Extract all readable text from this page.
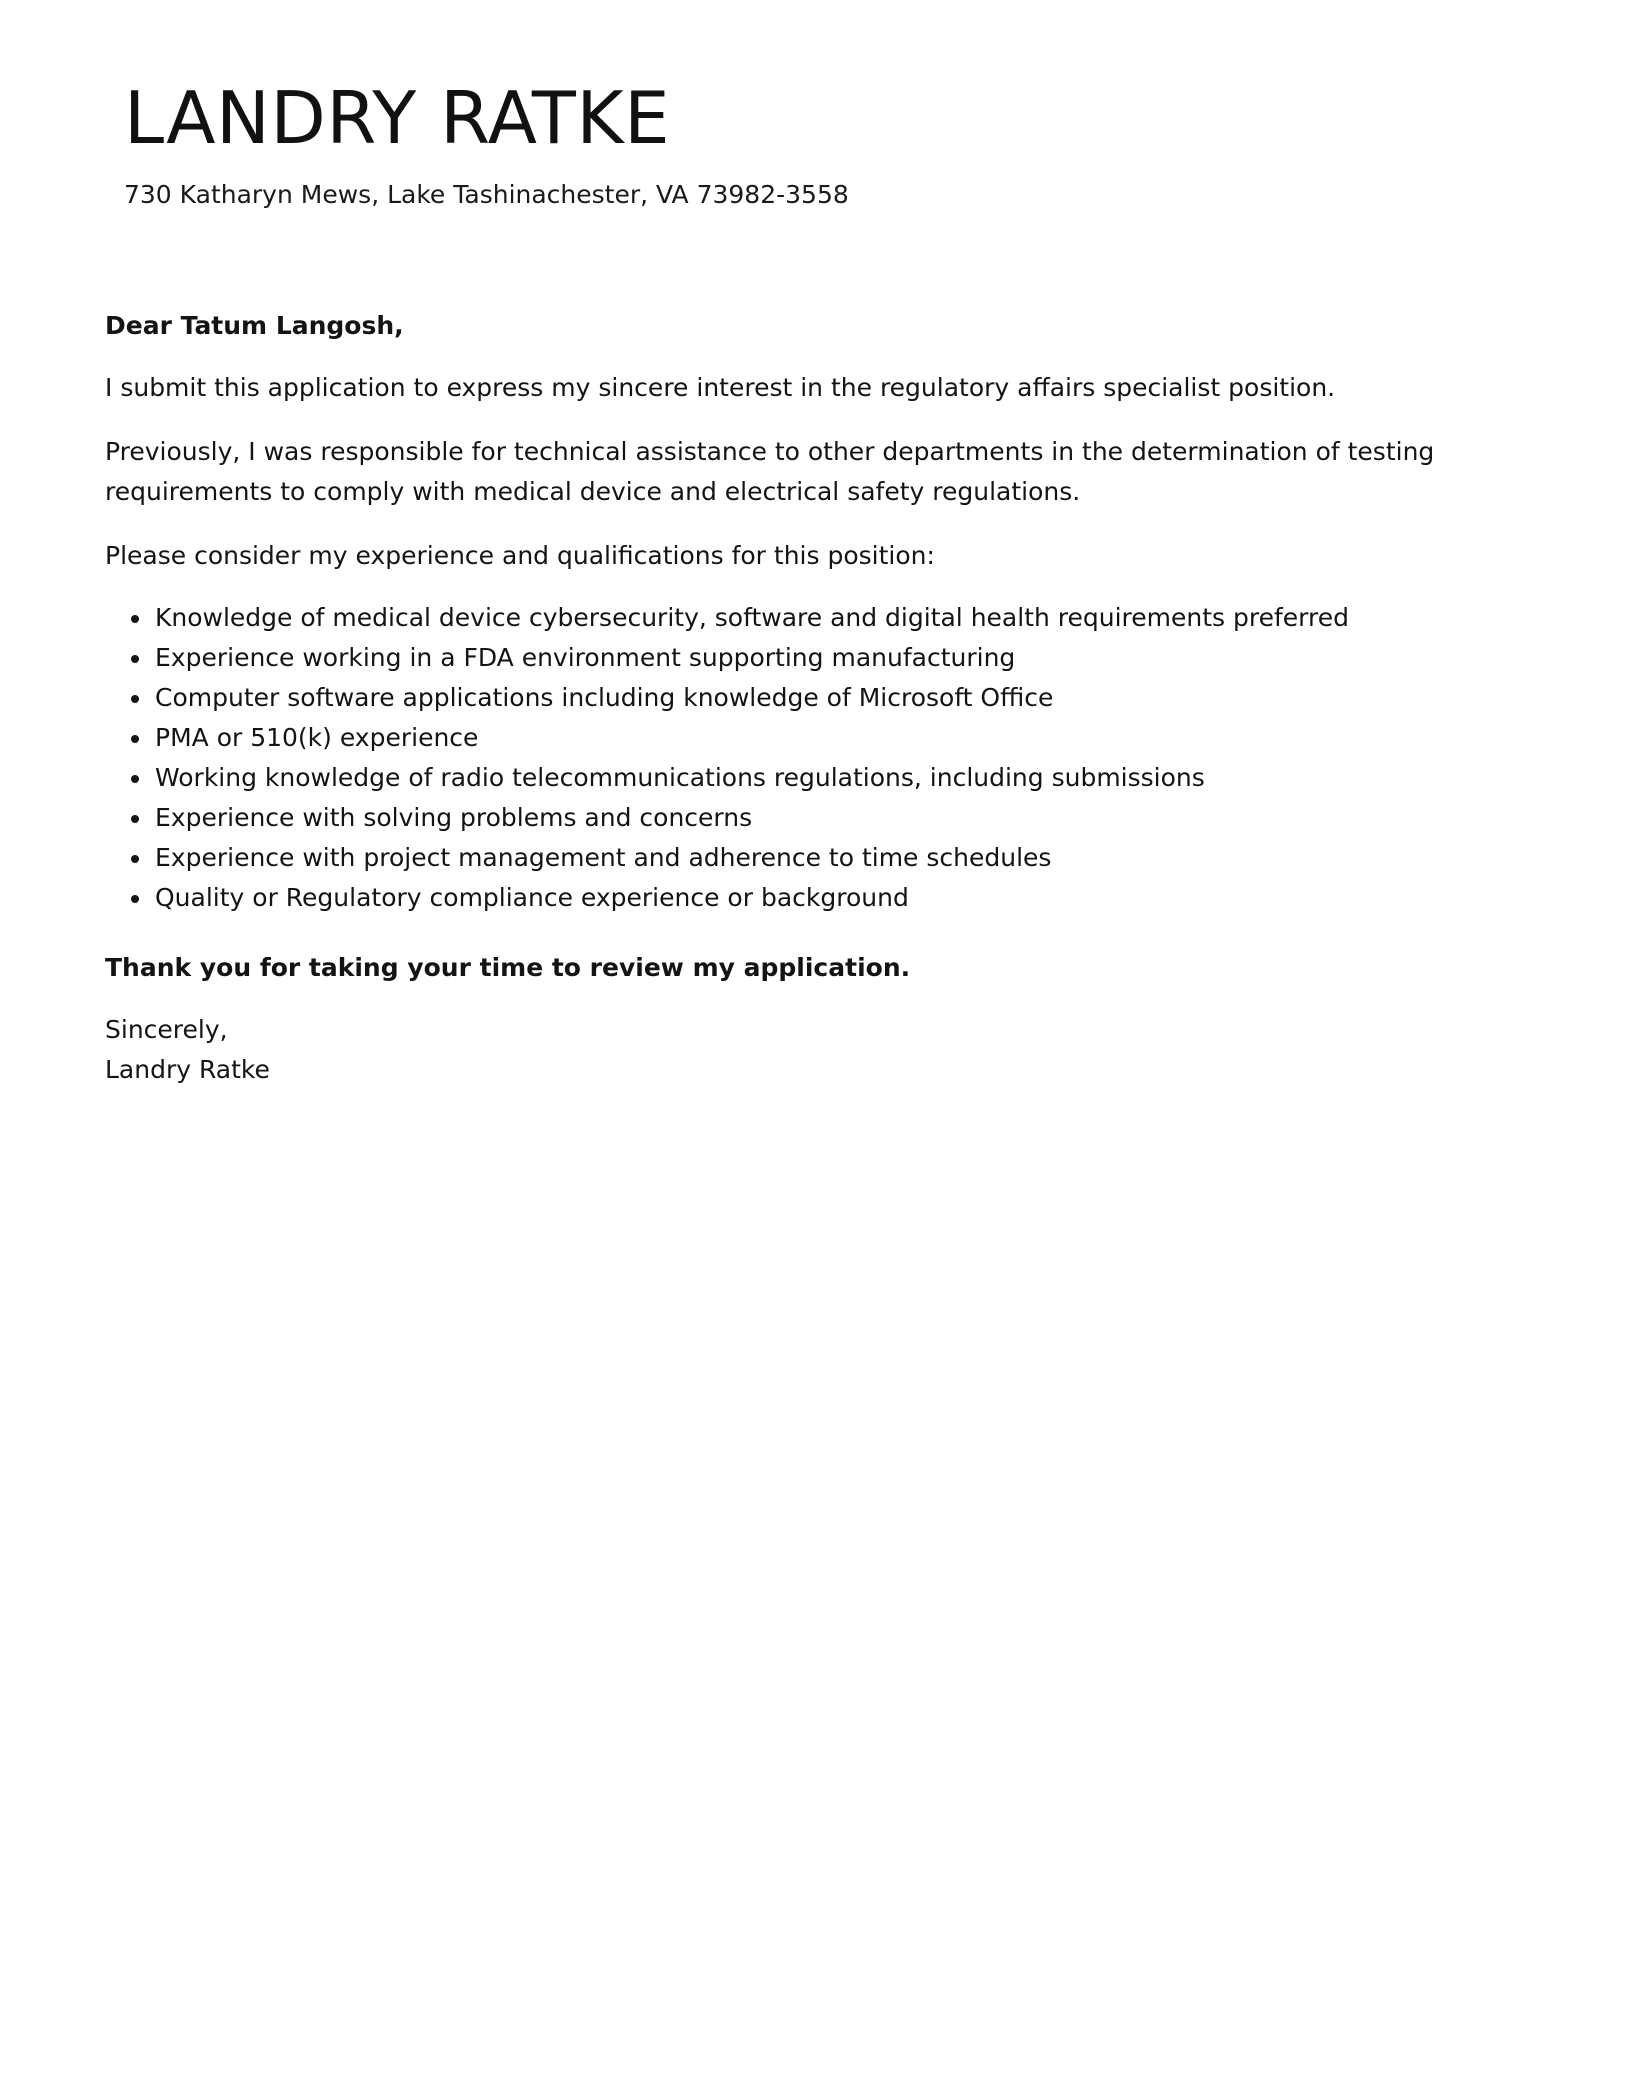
LANDRY RATKE
730 Katharyn Mews, Lake Tashinachester, VA 73982-3558

Dear Tatum Langosh,

I submit this application to express my sincere interest in the regulatory affairs specialist position.

Previously, I was responsible for technical assistance to other departments in the determination of testing requirements to comply with medical device and electrical safety regulations.

Please consider my experience and qualifications for this position:

• Knowledge of medical device cybersecurity, software and digital health requirements preferred
• Experience working in a FDA environment supporting manufacturing
• Computer software applications including knowledge of Microsoft Office
• PMA or 510(k) experience
• Working knowledge of radio telecommunications regulations, including submissions
• Experience with solving problems and concerns
• Experience with project management and adherence to time schedules
• Quality or Regulatory compliance experience or background

Thank you for taking your time to review my application.

Sincerely,

Landry Ratke
